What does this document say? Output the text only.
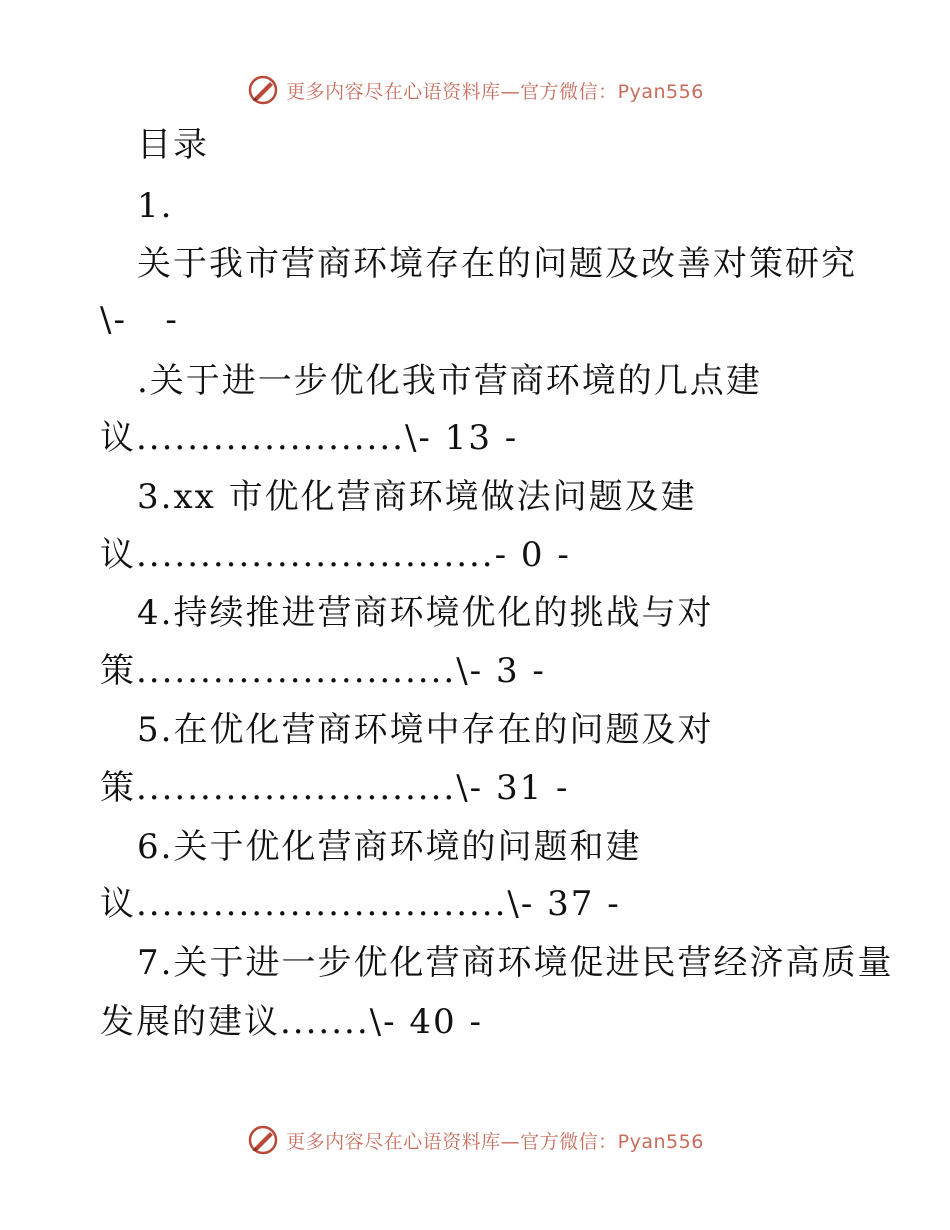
更多内容尽在心语资料库—官方微信：Pyan556
目录
1.
关于我市营商环境存在的问题及改善对策研究
\-   -
.关于进一步优化我市营商环境的几点建
议.....................\- 13 -
3.xx 市优化营商环境做法问题及建
议............................- 0 -
4.持续推进营商环境优化的挑战与对
策.........................\- 3 -
5.在优化营商环境中存在的问题及对
策.........................\- 31 -
6.关于优化营商环境的问题和建
议.............................\- 37 -
7.关于进一步优化营商环境促进民营经济高质量
发展的建议.......\- 40 -
更多内容尽在心语资料库—官方微信：Pyan556
